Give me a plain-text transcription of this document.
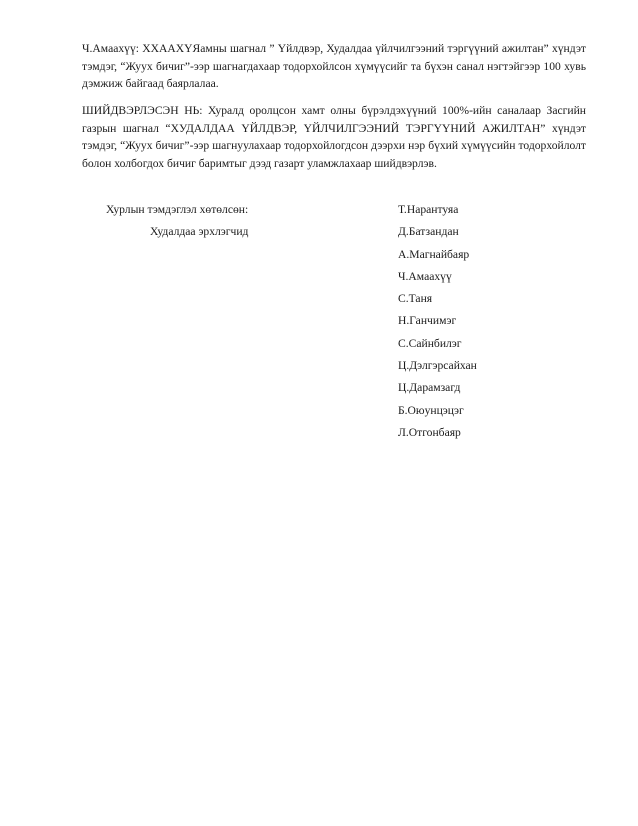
Ч.Амаахүү: ХХААХҮЯамны шагнал ” Үйлдвэр, Худалдаа үйлчилгээний тэргүүний ажилтан” хүндэт тэмдэг, “Жуух бичиг”-ээр шагнагдахаар тодорхойлсон хүмүүсийг та бүхэн санал нэгтэйгээр 100 хувь дэмжиж байгаад баярлалаа.

ШИЙДВЭРЛЭСЭН НЬ: Хуралд оролцсон хамт олны бүрэлдэхүүний 100%-ийн саналаар Засгийн газрын шагнал “ХУДАЛДАА ҮЙЛДВЭР, ҮЙЛЧИЛГЭЭНИЙ ТЭРГҮҮНИЙ АЖИЛТАН” хүндэт тэмдэг, “Жуух бичиг”-ээр шагнуулахаар тодорхойлогдсон дээрхи нэр бүхий хүмүүсийн тодорхойлолт болон холбогдох бичиг баримтыг дээд газарт уламжлахаар шийдвэрлэв.

Хурлын тэмдэглэл хөтөлсөн:
Худалдаа эрхлэгчид
Т.Нарантуяа
Д.Батзандан
А.Магнайбаяр
Ч.Амаахүү
С.Таня
Н.Ганчимэг
С.Сайнбилэг
Ц.Дэлгэрсайхан
Ц.Дарамзагд
Б.Оюунцэцэг
Л.Отгонбаяр
